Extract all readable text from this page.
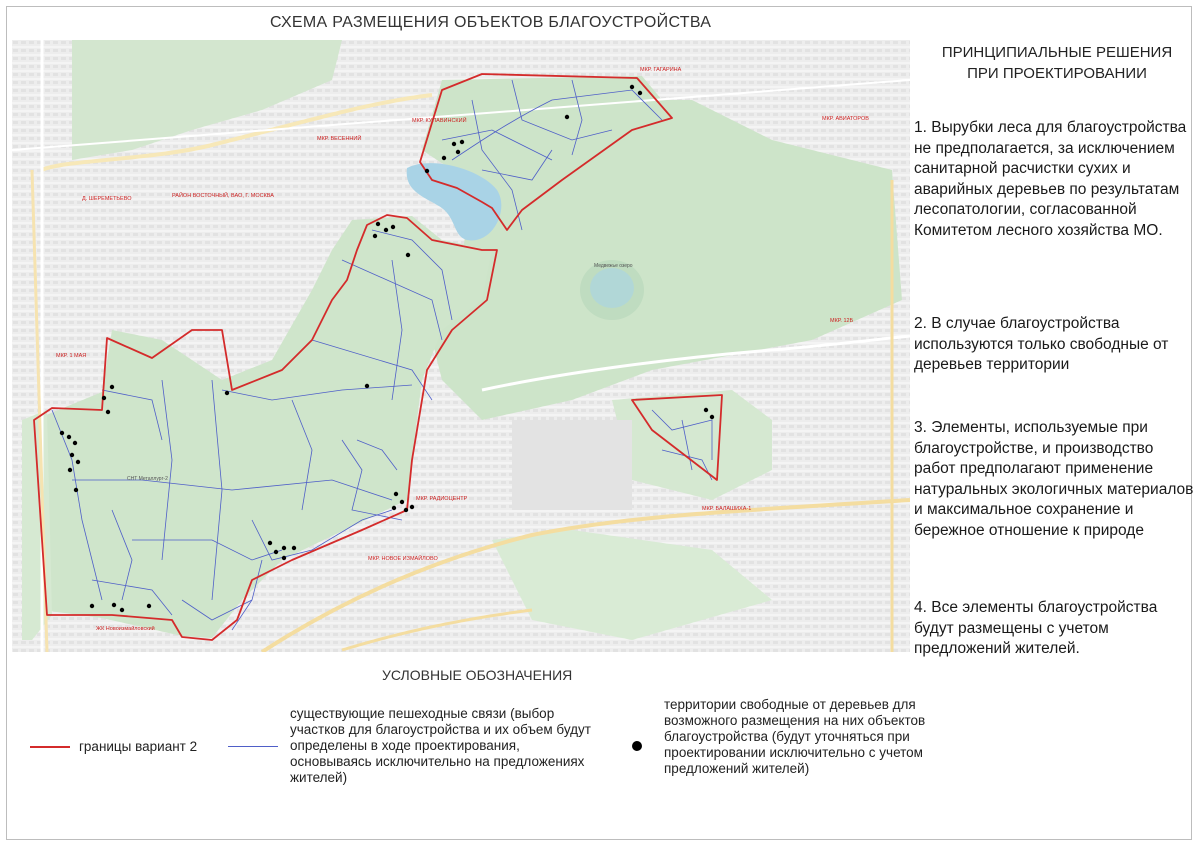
СХЕМА РАЗМЕЩЕНИЯ ОБЪЕКТОВ БЛАГОУСТРОЙСТВА
МКР. ГАГАРИНА
МКР. АВИАТОРОВ
МКР. КУПАВИНСКИЙ
МКР. ВЕСЕННИЙ
РАЙОН ВОСТОЧНЫЙ, ВАО, Г. МОСКВА
Д. ШЕРЕМЕТЬЕВО
МКР. 1 МАЯ
МКР. РАДИОЦЕНТР
МКР. БАЛАШИХА-1
МКР. НОВОЕ ИЗМАЙЛОВО
СНТ Металлург-2
ЖК Новоизмайловский
МКР. 12Б
Медвежье озеро
ПРИНЦИПИАЛЬНЫЕ РЕШЕНИЯ
ПРИ ПРОЕКТИРОВАНИИ
1. Вырубки леса для благоустройства не предполагается, за исключением санитарной расчистки сухих и аварийных деревьев по результатам лесопатологии, согласованной Комитетом лесного хозяйства МО.
2. В случае благоустройства используются только свободные от деревьев территории
3. Элементы, используемые при благоустройстве, и производство работ предполагают применение натуральных экологичных материалов и максимальное сохранение и бережное отношение к природе
4. Все элементы благоустройства будут размещены с учетом предложений жителей.
УСЛОВНЫЕ ОБОЗНАЧЕНИЯ
границы вариант 2
существующие пешеходные связи (выбор участков для благоустройства и их объем будут определены в ходе проектирования, основываясь исключительно на предложениях жителей)
территории свободные от деревьев для возможного размещения на них объектов благоустройства (будут уточняться при проектировании исключительно с учетом предложений жителей)
